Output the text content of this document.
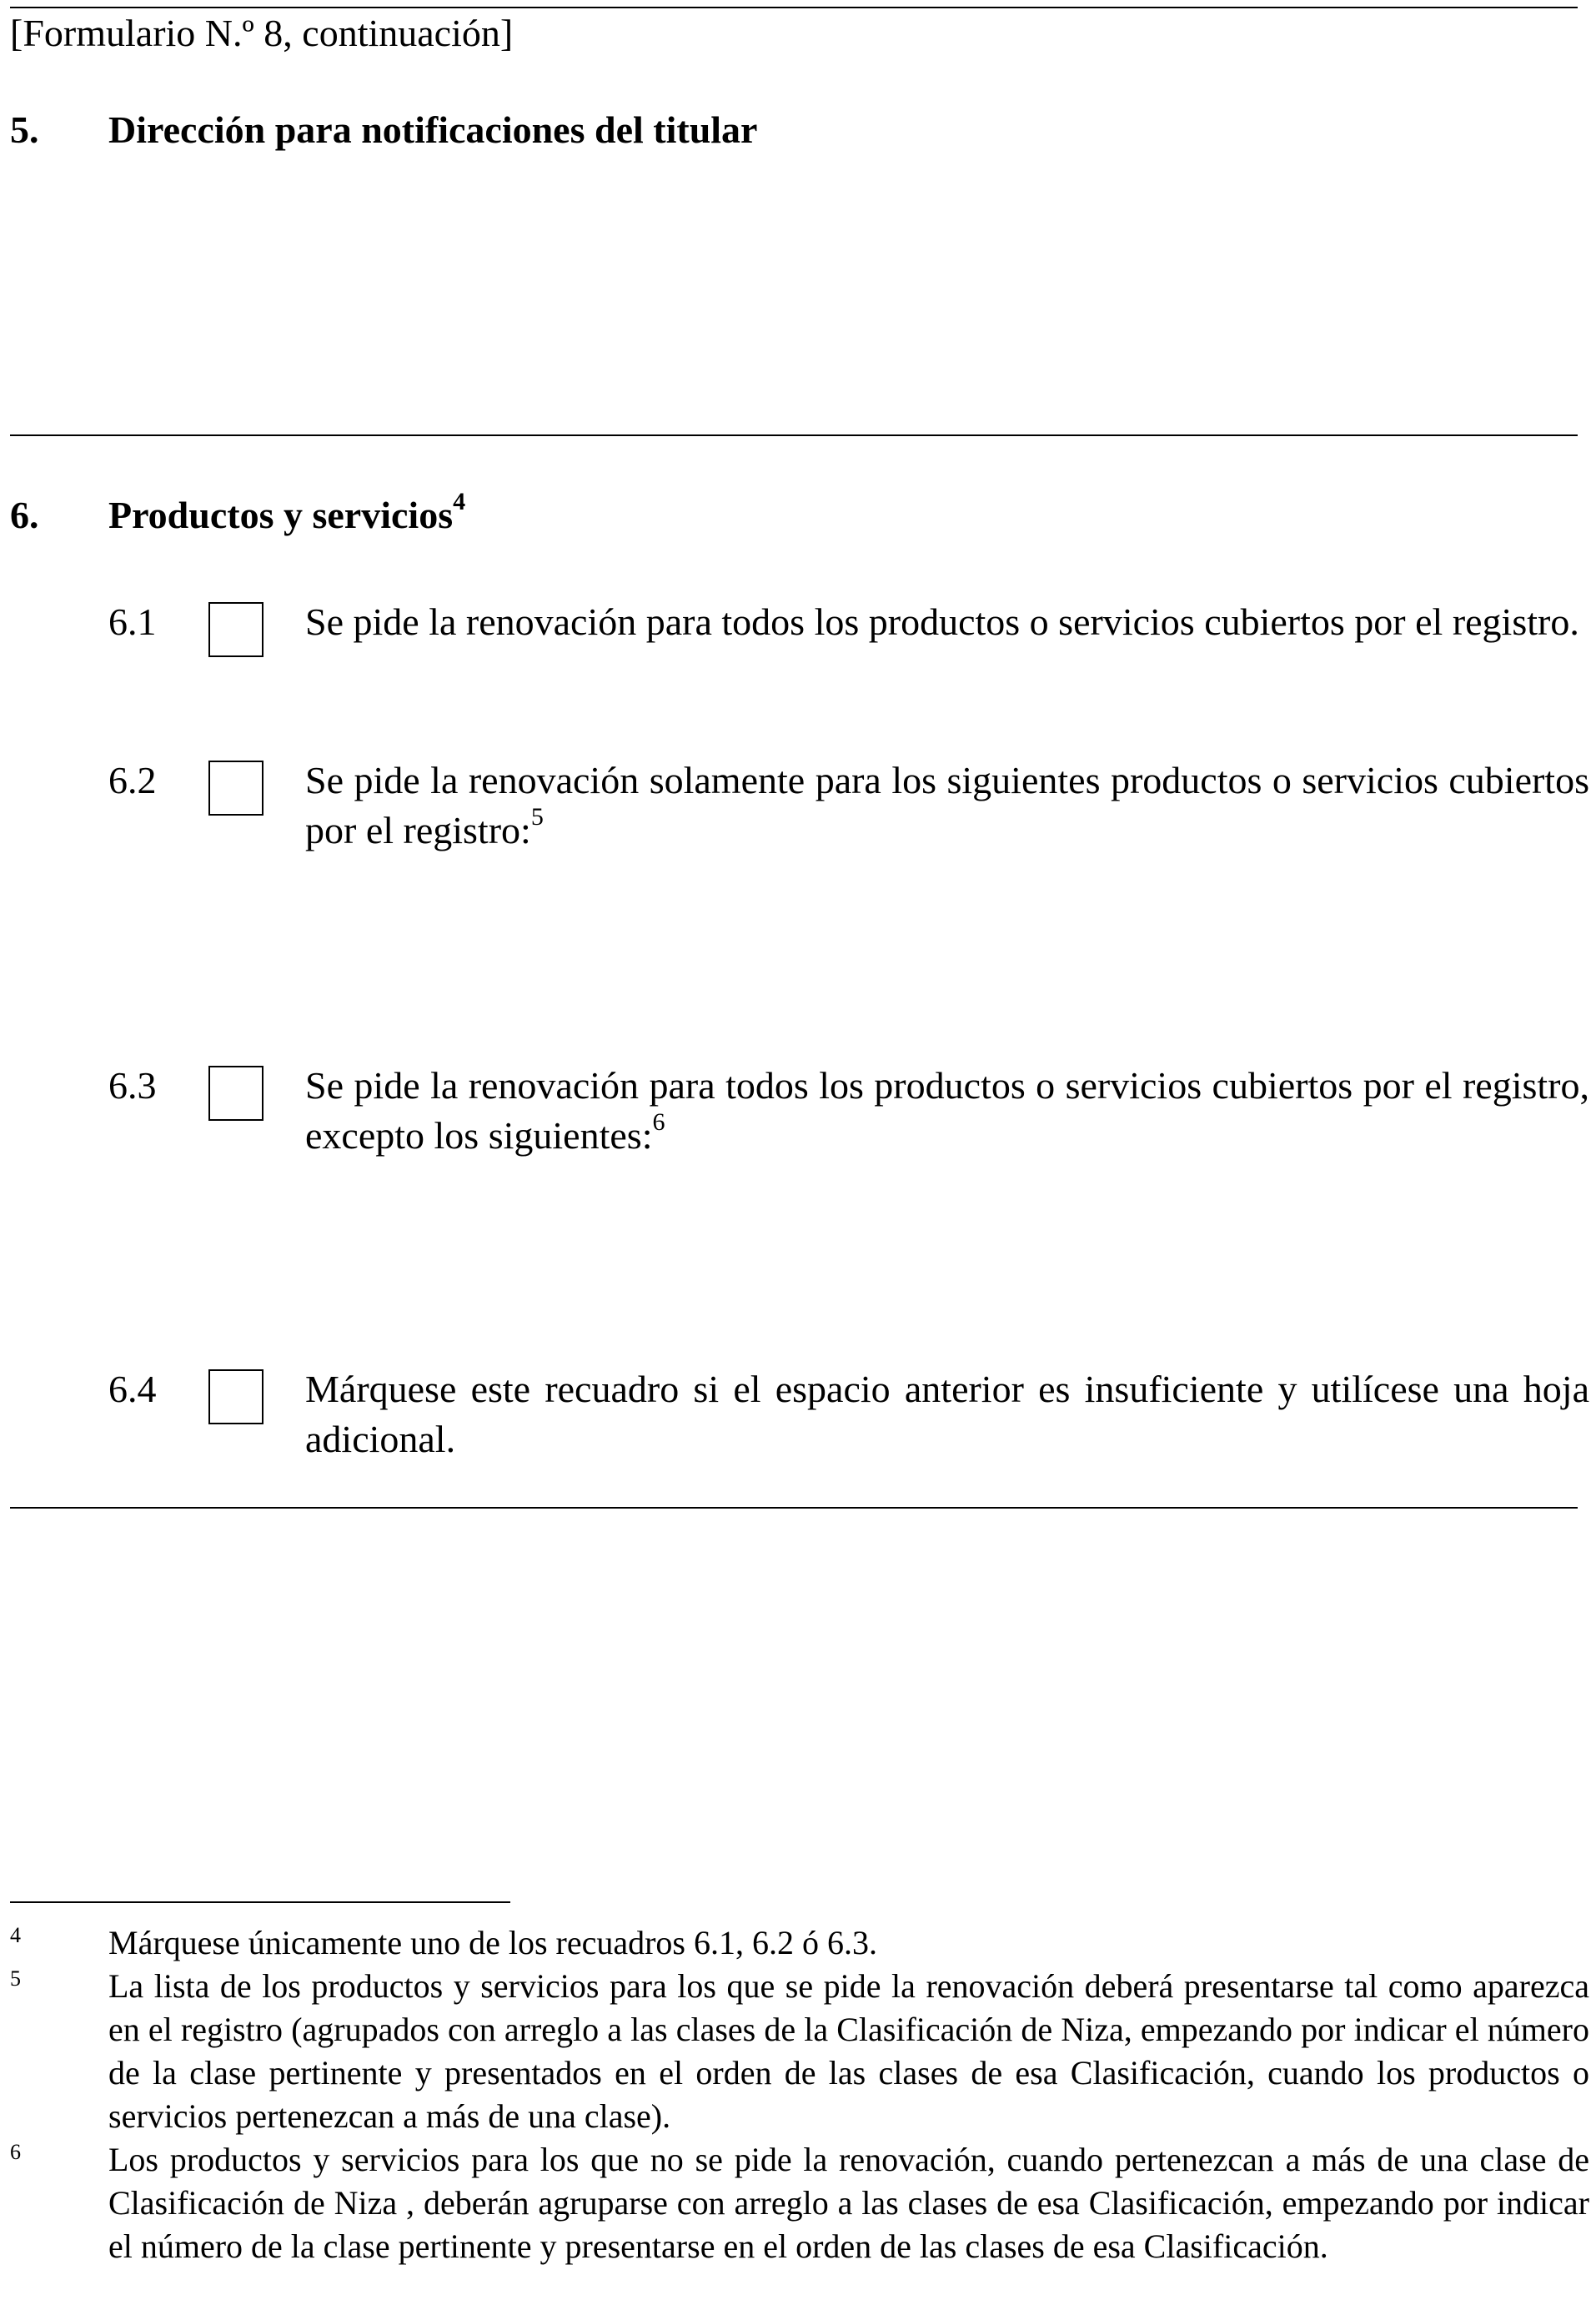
[Formulario N.º 8, continuación]
5. Dirección para notificaciones del titular
6. Productos y servicios$^4$
6.1	Se pide la renovación para todos los productos o servicios cubiertos por el registro.
6.2	Se pide la renovación solamente para los siguientes productos o servicios cubiertos por el registro:$^5$
6.3	Se pide la renovación para todos los productos o servicios cubiertos por el registro, excepto los siguientes:$^6$
6.4	Márquese este recuadro si el espacio anterior es insuficiente y utilícese una hoja adicional.
4	Márquese únicamente uno de los recuadros 6.1, 6.2 ó 6.3.
5	La lista de los productos y servicios para los que se pide la renovación deberá presentarse tal como aparezca en el registro (agrupados con arreglo a las clases de la Clasificación de Niza, empezando por indicar el número de la clase pertinente y presentados en el orden de las clases de esa Clasificación, cuando los productos o servicios pertenezcan a más de una clase).
6	Los productos y servicios para los que no se pide la renovación, cuando pertenezcan a más de una clase de Clasificación de Niza , deberán agruparse con arreglo a las clases de esa Clasificación, empezando por indicar el número de la clase pertinente y presentarse en el orden de las clases de esa Clasificación.
